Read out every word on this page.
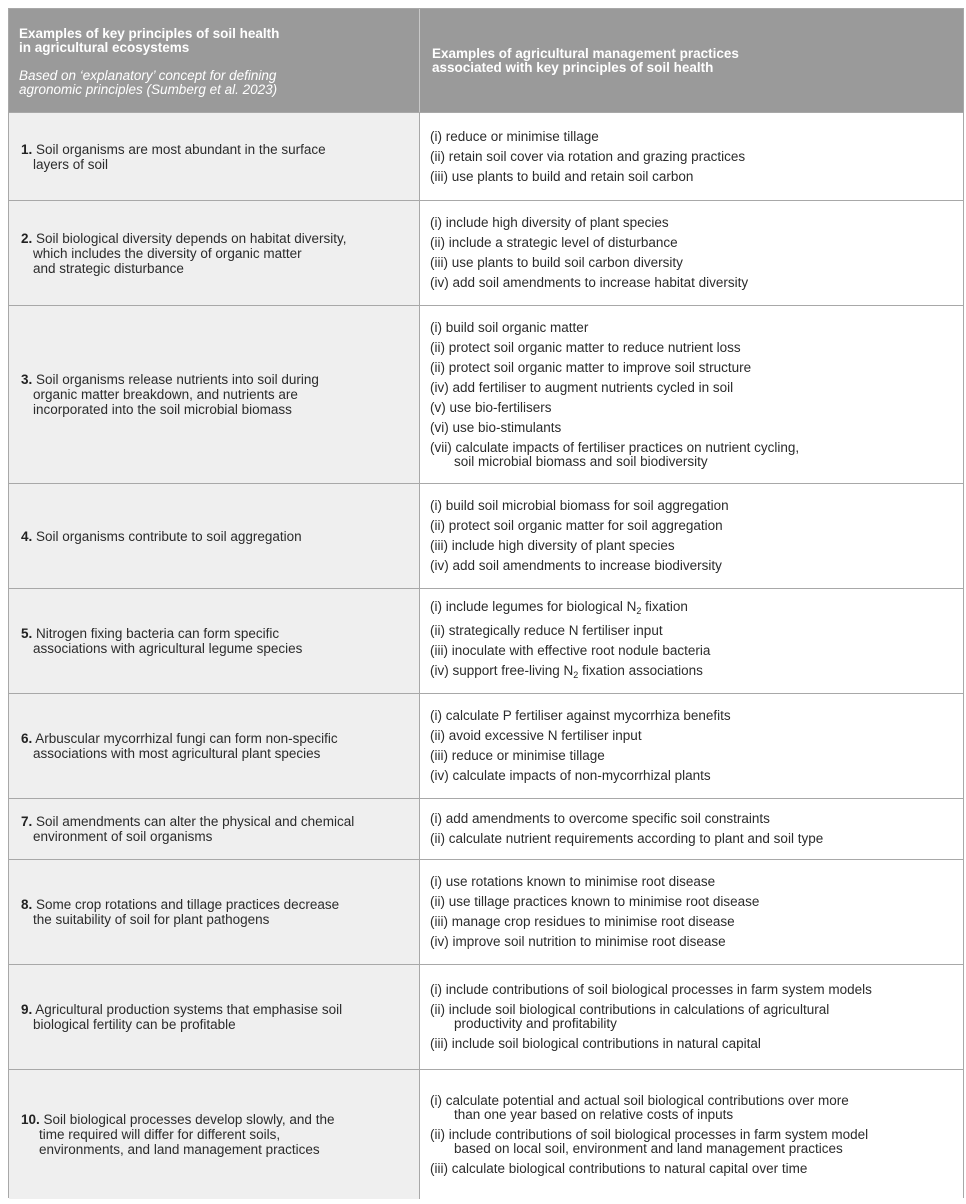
Examples of key principles of soil health
in agricultural ecosystems
Based on ‘explanatory’ concept for defining
agronomic principles (Sumberg et al. 2023)
Examples of agricultural management practices
associated with key principles of soil health
1. Soil organisms are most abundant in the surface
layers of soil
(i) reduce or minimise tillage
(ii) retain soil cover via rotation and grazing practices
(iii) use plants to build and retain soil carbon
2. Soil biological diversity depends on habitat diversity,
which includes the diversity of organic matter
and strategic disturbance
(i) include high diversity of plant species
(ii) include a strategic level of disturbance
(iii) use plants to build soil carbon diversity
(iv) add soil amendments to increase habitat diversity
3. Soil organisms release nutrients into soil during
organic matter breakdown, and nutrients are
incorporated into the soil microbial biomass
(i) build soil organic matter
(ii) protect soil organic matter to reduce nutrient loss
(ii) protect soil organic matter to improve soil structure
(iv) add fertiliser to augment nutrients cycled in soil
(v) use bio-fertilisers
(vi) use bio-stimulants
(vii) calculate impacts of fertiliser practices on nutrient cycling,
soil microbial biomass and soil biodiversity
4. Soil organisms contribute to soil aggregation
(i) build soil microbial biomass for soil aggregation
(ii) protect soil organic matter for soil aggregation
(iii) include high diversity of plant species
(iv) add soil amendments to increase biodiversity
5. Nitrogen fixing bacteria can form specific
associations with agricultural legume species
(i) include legumes for biological $N_2$ fixation
(ii) strategically reduce N fertiliser input
(iii) inoculate with effective root nodule bacteria
(iv) support free-living $N_2$ fixation associations
6. Arbuscular mycorrhizal fungi can form non-specific
associations with most agricultural plant species
(i) calculate P fertiliser against mycorrhiza benefits
(ii) avoid excessive N fertiliser input
(iii) reduce or minimise tillage
(iv) calculate impacts of non-mycorrhizal plants
7. Soil amendments can alter the physical and chemical
environment of soil organisms
(i) add amendments to overcome specific soil constraints
(ii) calculate nutrient requirements according to plant and soil type
8. Some crop rotations and tillage practices decrease
the suitability of soil for plant pathogens
(i) use rotations known to minimise root disease
(ii) use tillage practices known to minimise root disease
(iii) manage crop residues to minimise root disease
(iv) improve soil nutrition to minimise root disease
9. Agricultural production systems that emphasise soil
biological fertility can be profitable
(i) include contributions of soil biological processes in farm system models
(ii) include soil biological contributions in calculations of agricultural
productivity and profitability
(iii) include soil biological contributions in natural capital
10. Soil biological processes develop slowly, and the
time required will differ for different soils,
environments, and land management practices
(i) calculate potential and actual soil biological contributions over more
than one year based on relative costs of inputs
(ii) include contributions of soil biological processes in farm system model
based on local soil, environment and land management practices
(iii) calculate biological contributions to natural capital over time
